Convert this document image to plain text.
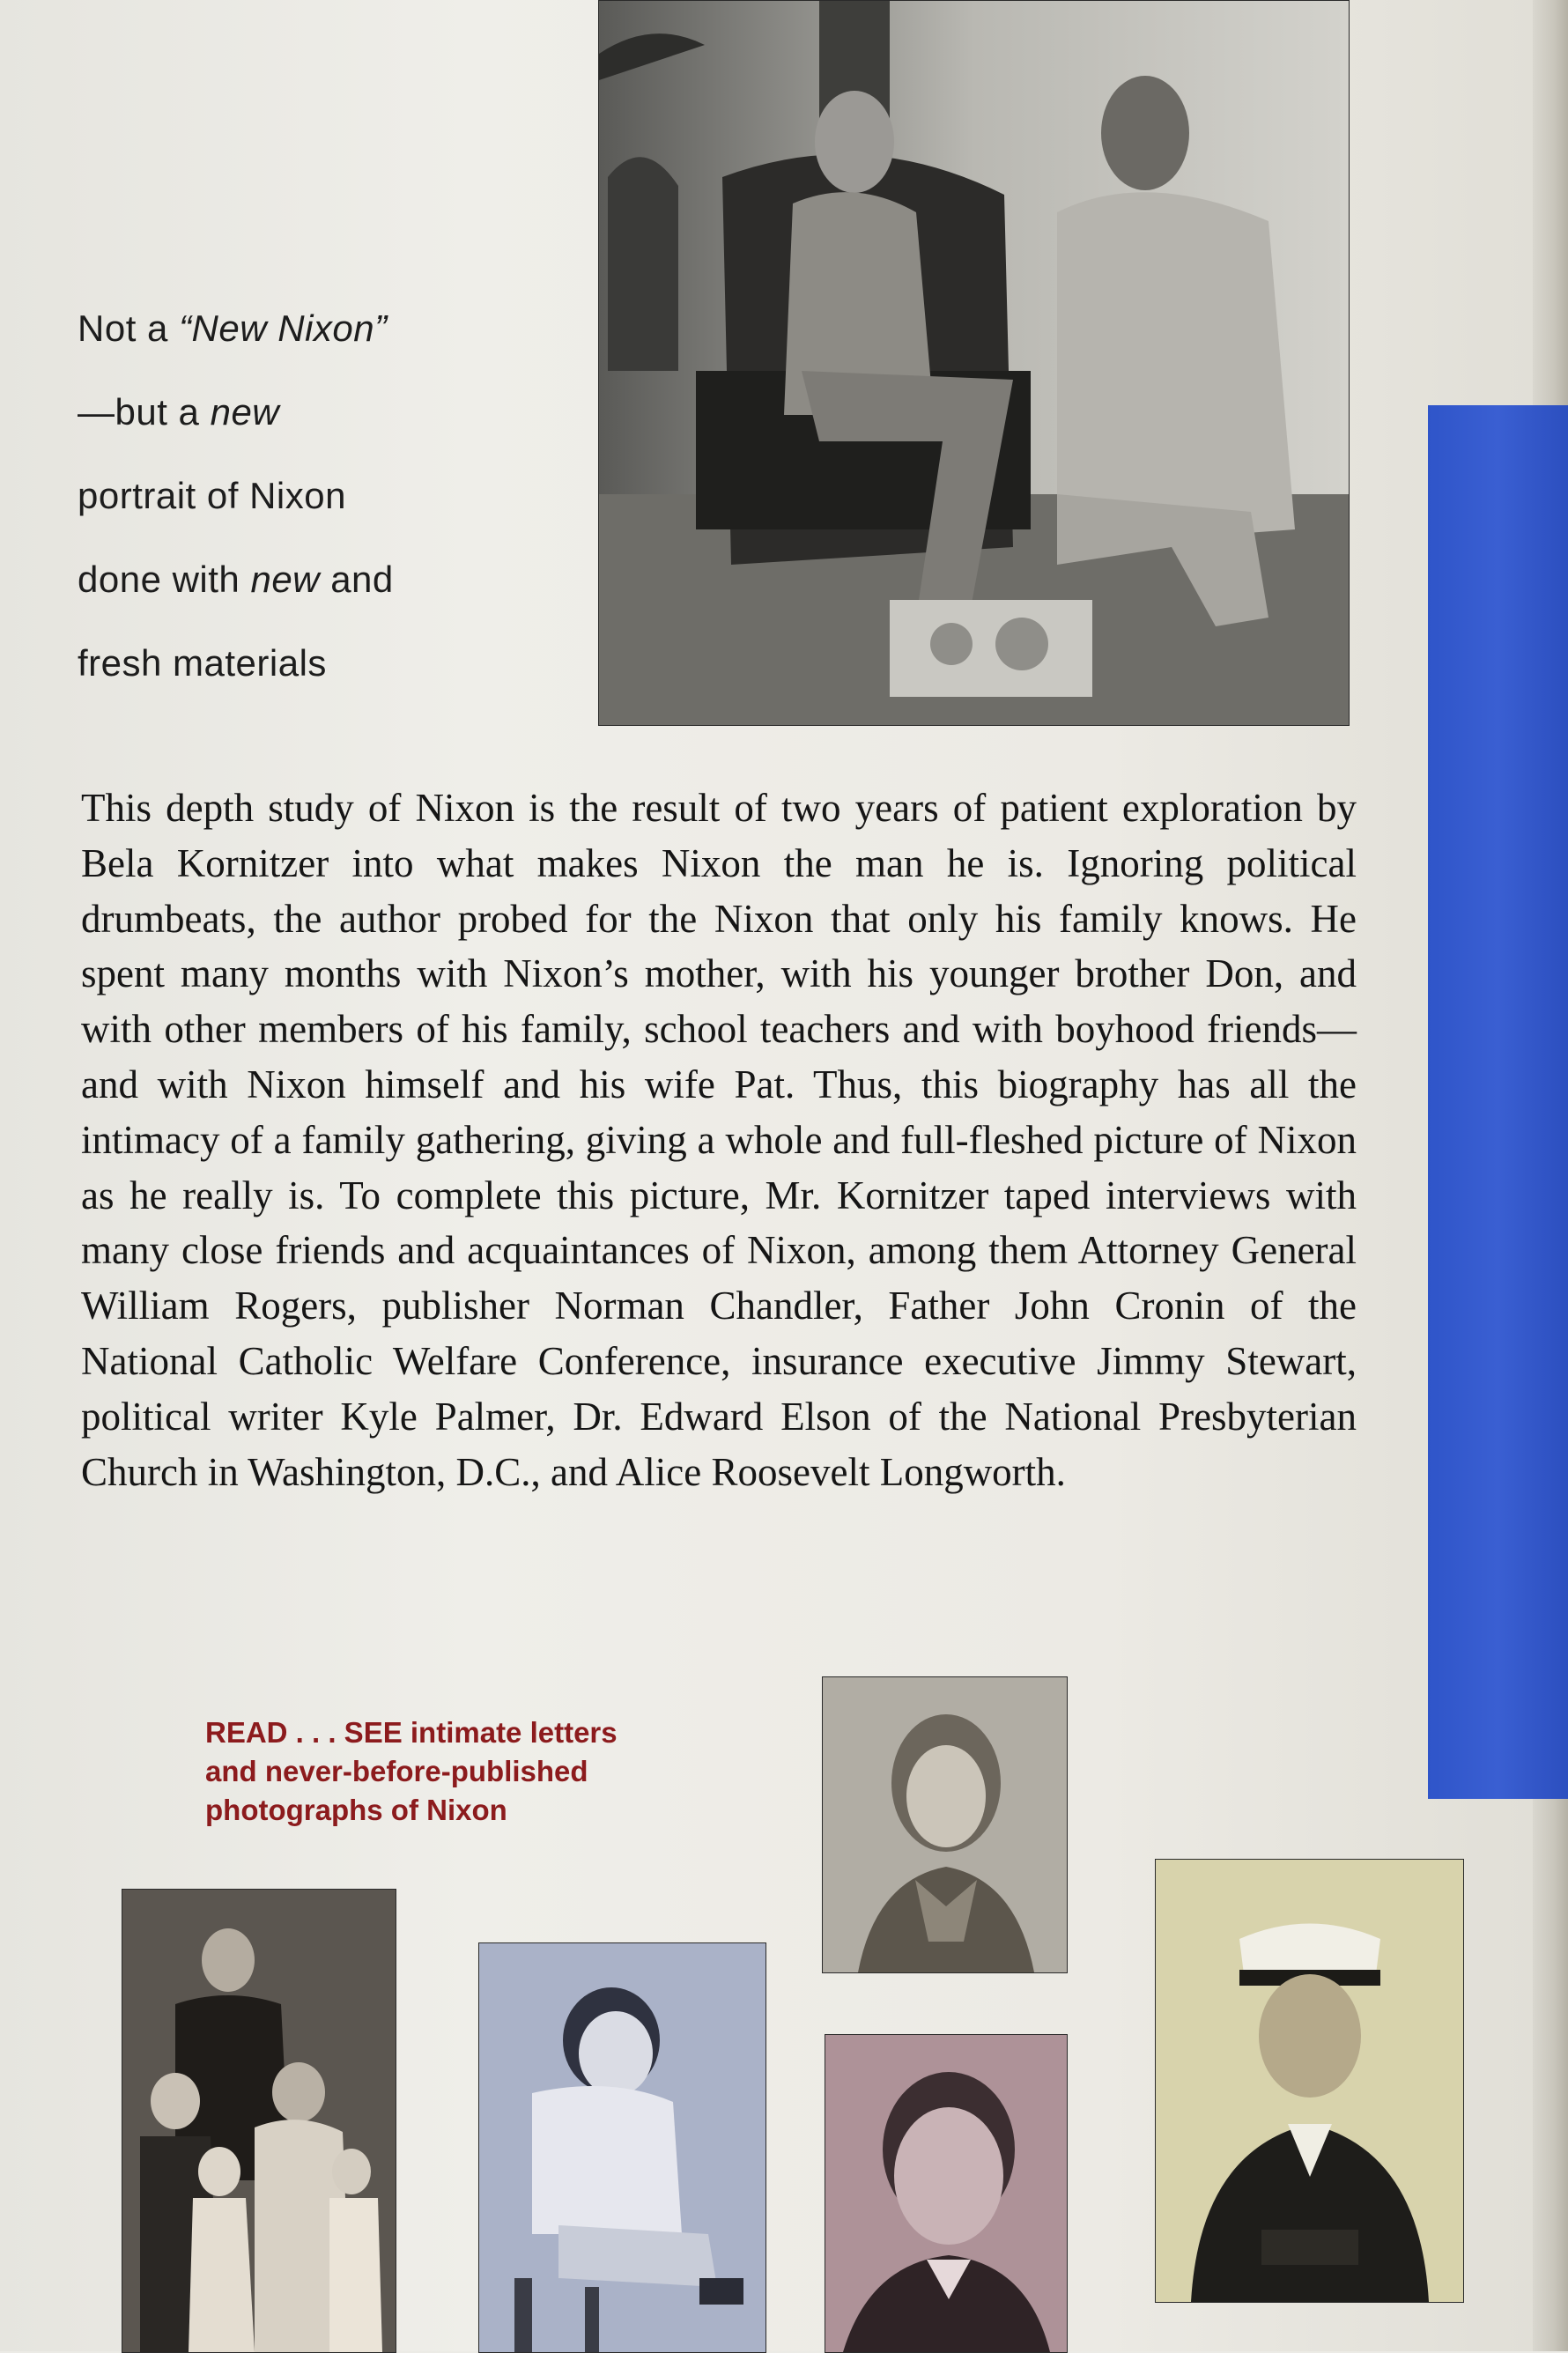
Not a “New Nixon”
—but a new
portrait of Nixon
done with new and
fresh materials
This depth study of Nixon is the result of two years of patient exploration by Bela Kornitzer into what makes Nixon the man he is. Ignoring political drumbeats, the author probed for the Nixon that only his family knows. He spent many months with Nixon’s mother, with his younger brother Don, and with other members of his family, school teachers and with boyhood friends—and with Nixon himself and his wife Pat. Thus, this biography has all the intimacy of a family gathering, giving a whole and full-fleshed picture of Nixon as he really is. To complete this picture, Mr. Kornitzer taped interviews with many close friends and acquaintances of Nixon, among them Attorney General William Rogers, publisher Norman Chandler, Father John Cronin of the National Catholic Welfare Conference, insurance executive Jimmy Stewart, political writer Kyle Palmer, Dr. Edward Elson of the National Presbyterian Church in Washington, D.C., and Alice Roosevelt Longworth.
READ . . . SEE intimate letters
and never-before-published
photographs of Nixon
